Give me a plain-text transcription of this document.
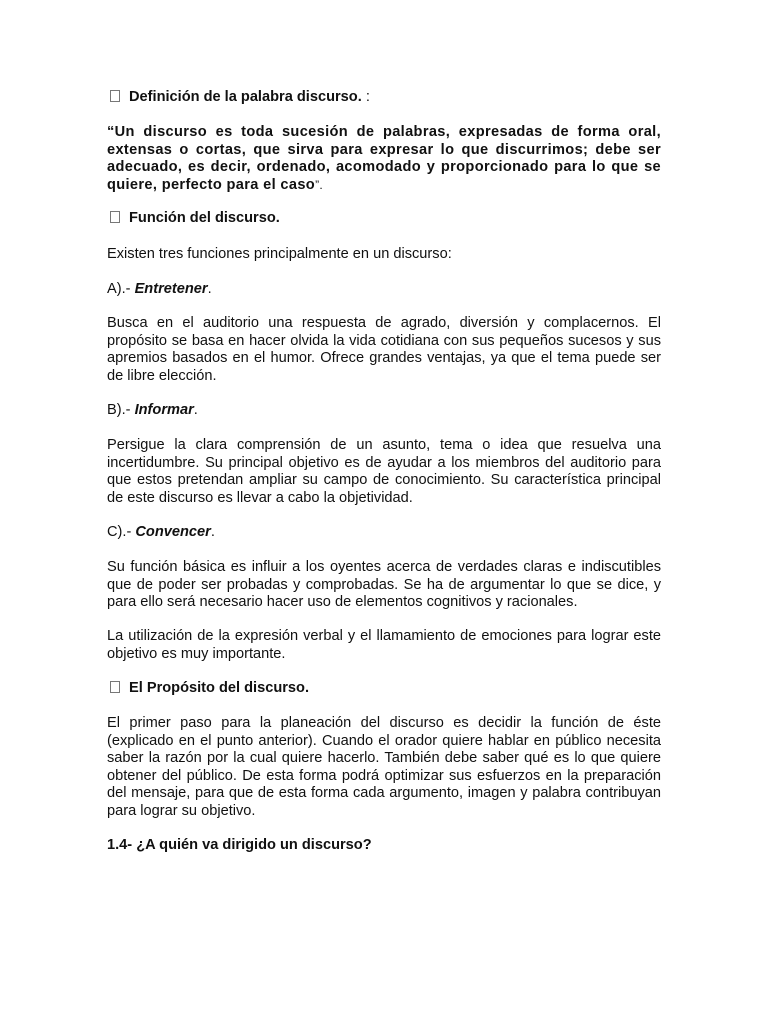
Definición de la palabra discurso. :

“Un discurso es toda sucesión de palabras, expresadas de forma oral, extensas o cortas, que sirva para expresar lo que discurrimos; debe ser adecuado, es decir, ordenado, acomodado y proporcionado para lo que se quiere, perfecto para el caso”.

Función del discurso.

Existen tres funciones principalmente en un discurso:

A).- Entretener.

Busca en el auditorio una respuesta de agrado, diversión y complacernos. El propósito se basa en hacer olvida la vida cotidiana con sus pequeños sucesos y sus apremios basados en el humor. Ofrece grandes ventajas, ya que el tema puede ser de libre elección.

B).- Informar.

Persigue la clara comprensión de un asunto, tema o idea que resuelva una incertidumbre. Su principal objetivo es de ayudar a los miembros del auditorio para que estos pretendan ampliar su campo de conocimiento. Su característica principal de este discurso es llevar a cabo la objetividad.

C).- Convencer.

Su función básica es influir a los oyentes acerca de verdades claras e indiscutibles que de poder ser probadas y comprobadas. Se ha de argumentar lo que se dice, y para ello será necesario hacer uso de elementos cognitivos y racionales.

La utilización de la expresión verbal y el llamamiento de emociones para lograr este objetivo es muy importante.

El Propósito del discurso.

El primer paso para la planeación del discurso es decidir la función de éste (explicado en el punto anterior). Cuando el orador quiere hablar en público necesita saber la razón por la cual quiere hacerlo. También debe saber qué es lo que quiere obtener del público. De esta forma podrá optimizar sus esfuerzos en la preparación del mensaje, para que de esta forma cada argumento, imagen y palabra contribuyan para lograr su objetivo.

1.4- ¿A quién va dirigido un discurso?
